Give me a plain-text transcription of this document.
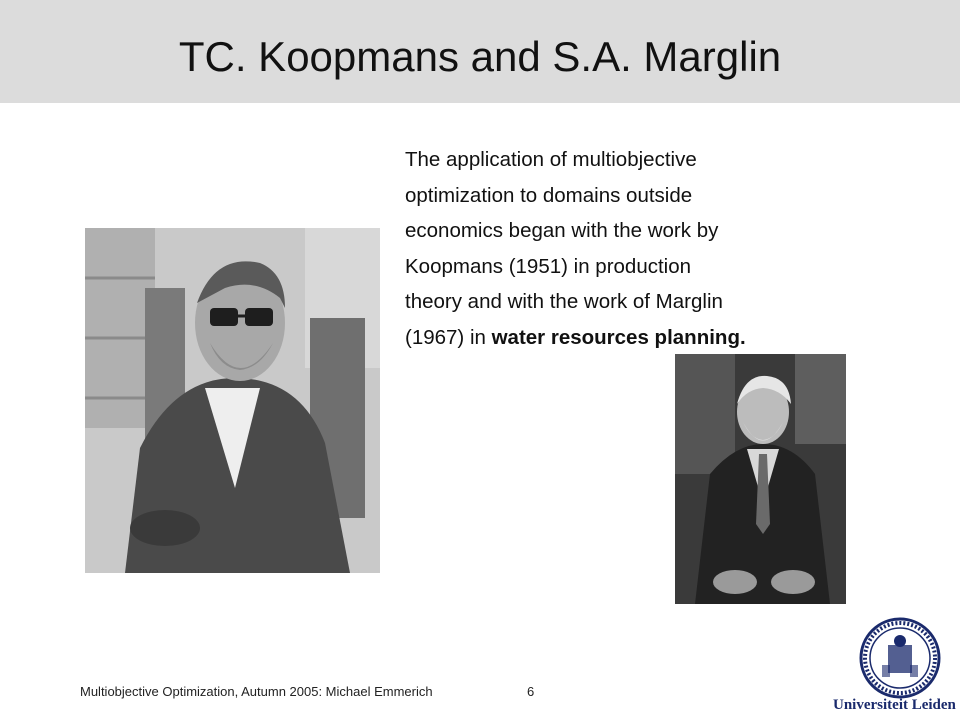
TC. Koopmans and S.A. Marglin
The application of multiobjective
optimization to domains outside
economics began with the work by
Koopmans (1951) in production
theory and with the work of Marglin
(1967) in water resources planning.
Multiobjective Optimization, Autumn 2005: Michael Emmerich	6
Universiteit Leiden
